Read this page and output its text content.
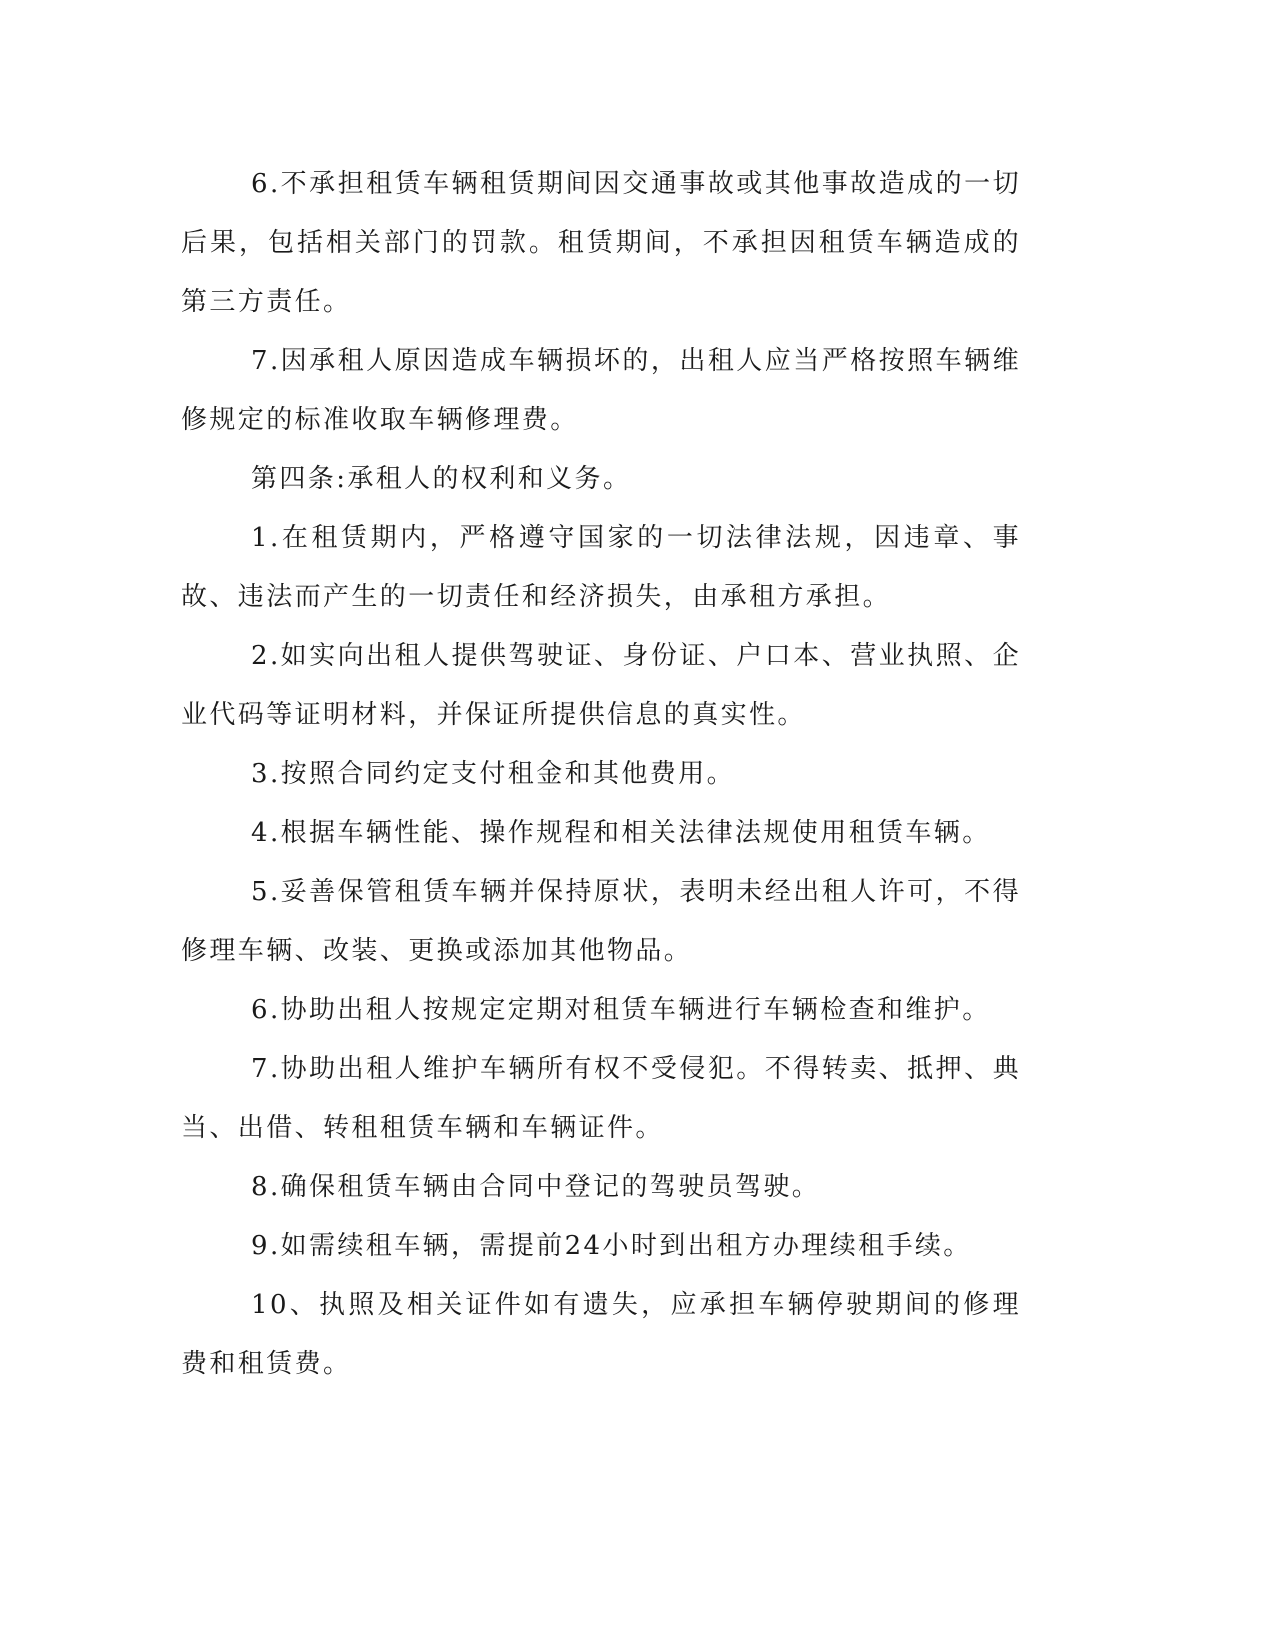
6.不承担租赁车辆租赁期间因交通事故或其他事故造成的一切后果，包括相关部门的罚款。租赁期间，不承担因租赁车辆造成的第三方责任。

7.因承租人原因造成车辆损坏的，出租人应当严格按照车辆维修规定的标准收取车辆修理费。

第四条:承租人的权利和义务。

1.在租赁期内，严格遵守国家的一切法律法规，因违章、事故、违法而产生的一切责任和经济损失，由承租方承担。

2.如实向出租人提供驾驶证、身份证、户口本、营业执照、企业代码等证明材料，并保证所提供信息的真实性。

3.按照合同约定支付租金和其他费用。

4.根据车辆性能、操作规程和相关法律法规使用租赁车辆。

5.妥善保管租赁车辆并保持原状，表明未经出租人许可，不得修理车辆、改装、更换或添加其他物品。

6.协助出租人按规定定期对租赁车辆进行车辆检查和维护。

7.协助出租人维护车辆所有权不受侵犯。不得转卖、抵押、典当、出借、转租租赁车辆和车辆证件。

8.确保租赁车辆由合同中登记的驾驶员驾驶。

9.如需续租车辆，需提前24小时到出租方办理续租手续。

10、执照及相关证件如有遗失，应承担车辆停驶期间的修理费和租赁费。
